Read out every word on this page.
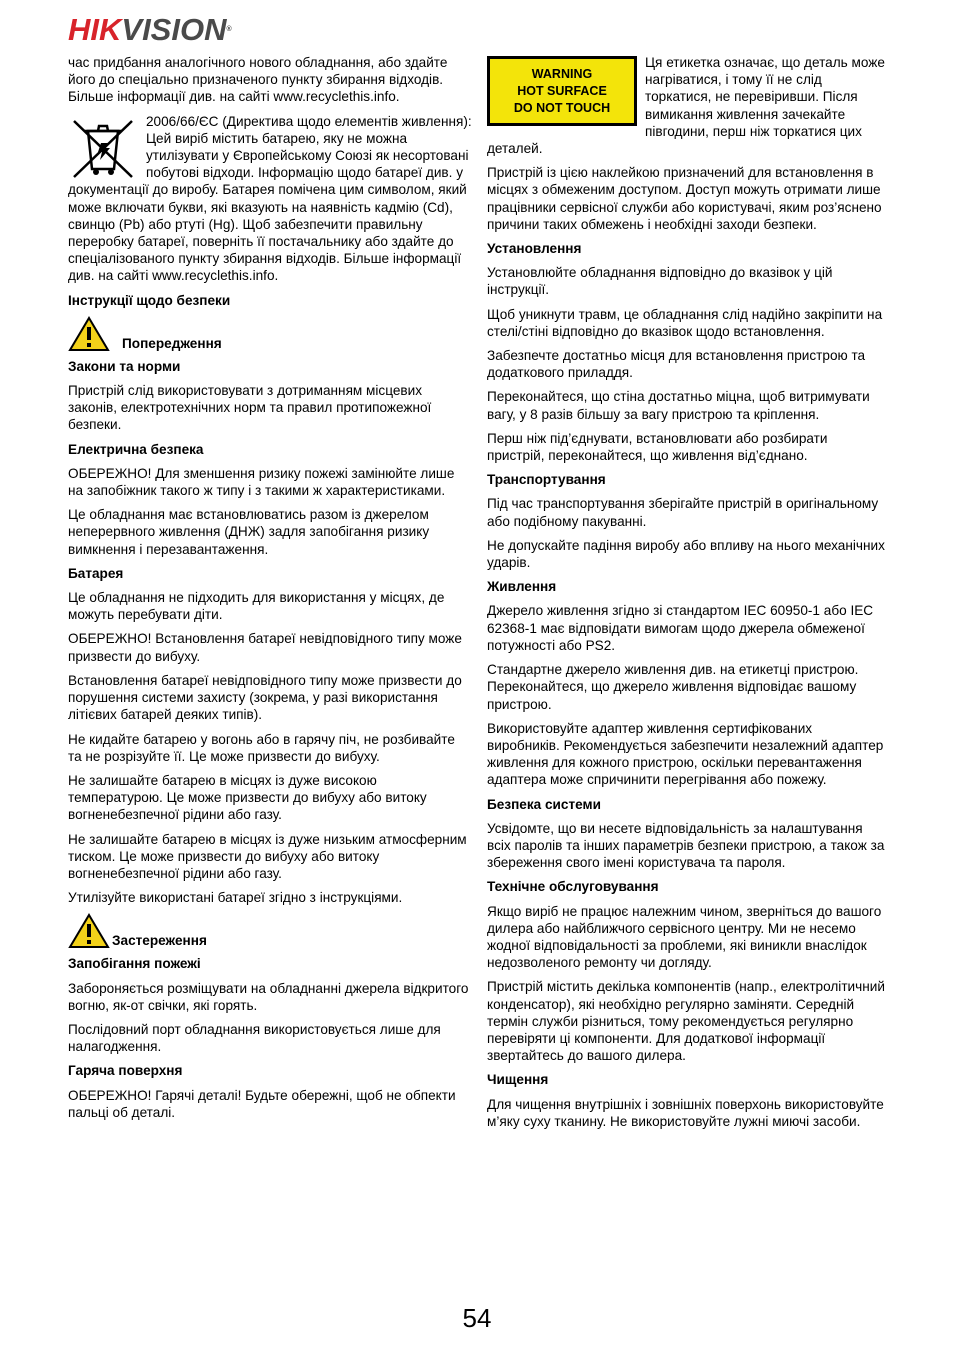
HIKVISION®

час придбання аналогічного нового обладнання, або здайте його до спеціально призначеного пункту збирання відходів. Більше інформації див. на сайті www.recyclethis.info.

2006/66/ЄС (Директива щодо елементів живлення): Цей виріб містить батарею, яку не можна утилізувати у Європейському Союзі як несортовані побутові відходи. Інформацію щодо батареї див. у документації до виробу. Батарея помічена цим символом, який може включати букви, які вказують на наявність кадмію (Cd), свинцю (Pb) або ртуті (Hg). Щоб забезпечити правильну переробку батареї, поверніть її постачальнику або здайте до спеціалізованого пункту збирання відходів. Більше інформації див. на сайті www.recyclethis.info.

Інструкції щодо безпеки
Попередження
Закони та норми

Пристрій слід використовувати з дотриманням місцевих законів, електротехнічних норм та правил протипожежної безпеки.

Електрична безпека

ОБЕРЕЖНО! Для зменшення ризику пожежі замінюйте лише на запобіжник такого ж типу і з такими ж характеристиками.

Це обладнання має встановлюватись разом із джерелом неперервного живлення (ДНЖ) задля запобігання ризику вимкнення і перезавантаження.

Батарея

Це обладнання не підходить для використання у місцях, де можуть перебувати діти.

ОБЕРЕЖНО! Встановлення батареї невідповідного типу може призвести до вибуху.

Встановлення батареї невідповідного типу може призвести до порушення системи захисту (зокрема, у разі використання літієвих батарей деяких типів).

Не кидайте батарею у вогонь або в гарячу піч, не розбивайте та не розрізуйте її. Це може призвести до вибуху.

Не залишайте батарею в місцях із дуже високою температурою. Це може призвести до вибуху або витоку вогненебезпечної рідини або газу.

Не залишайте батарею в місцях із дуже низьким атмосферним тиском. Це може призвести до вибуху або витоку вогненебезпечної рідини або газу.

Утилізуйте використані батареї згідно з інструкціями.

Застереження
Запобігання пожежі

Забороняється розміщувати на обладнанні джерела відкритого вогню, як-от свічки, які горять.

Послідовний порт обладнання використовується лише для налагодження.

Гаряча поверхня

ОБЕРЕЖНО! Гарячі деталі! Будьте обережні, щоб не обпекти пальці об деталі.

WARNING
HOT SURFACE
DO NOT TOUCH

Ця етикетка означає, що деталь може нагріватися, і тому її не слід торкатися, не перевіривши. Після вимикання живлення зачекайте півгодини, перш ніж торкатися цих деталей.

Пристрій із цією наклейкою призначений для встановлення в місцях з обмеженим доступом. Доступ можуть отримати лише працівники сервісної служби або користувачі, яким роз’яснено причини таких обмежень і необхідні заходи безпеки.

Установлення

Установлюйте обладнання відповідно до вказівок у цій інструкції.

Щоб уникнути травм, це обладнання слід надійно закріпити на стелі/стіні відповідно до вказівок щодо встановлення.

Забезпечте достатньо місця для встановлення пристрою та додаткового приладдя.

Переконайтеся, що стіна достатньо міцна, щоб витримувати вагу, у 8 разів більшу за вагу пристрою та кріплення.

Перш ніж під’єднувати, встановлювати або розбирати пристрій, переконайтеся, що живлення від’єднано.

Транспортування

Під час транспортування зберігайте пристрій в оригінальному або подібному пакуванні.

Не допускайте падіння виробу або впливу на нього механічних ударів.

Живлення

Джерело живлення згідно зі стандартом IEC 60950-1 або IEC 62368-1 має відповідати вимогам щодо джерела обмеженої потужності або PS2.

Стандартне джерело живлення див. на етикетці пристрою. Переконайтеся, що джерело живлення відповідає вашому пристрою.

Використовуйте адаптер живлення сертифікованих виробників. Рекомендується забезпечити незалежний адаптер живлення для кожного пристрою, оскільки перевантаження адаптера може спричинити перегрівання або пожежу.

Безпека системи

Усвідомте, що ви несете відповідальність за налаштування всіх паролів та інших параметрів безпеки пристрою, а також за збереження свого імені користувача та пароля.

Технічне обслуговування

Якщо виріб не працює належним чином, зверніться до вашого дилера або найближчого сервісного центру. Ми не несемо жодної відповідальності за проблеми, які виникли внаслідок недозволеного ремонту чи догляду.

Пристрій містить декілька компонентів (напр., електролітичний конденсатор), які необхідно регулярно заміняти. Середній термін служби різниться, тому рекомендується регулярно перевіряти ці компоненти. Для додаткової інформації звертайтесь до вашого дилера.

Чищення

Для чищення внутрішніх і зовнішніх поверхонь використовуйте м’яку суху тканину. Не використовуйте лужні миючі засоби.

54
